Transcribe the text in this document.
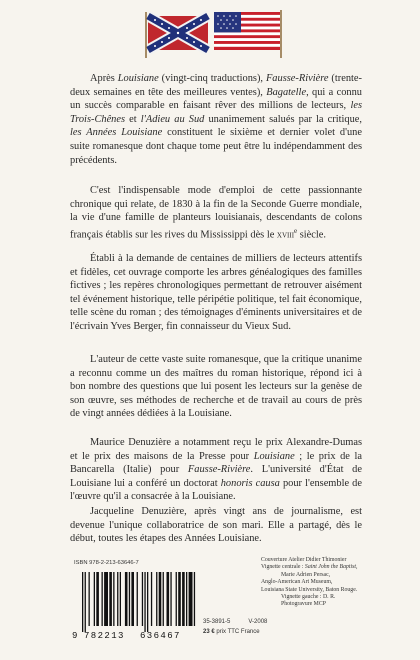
Après Louisiane (vingt-cinq traductions), Fausse-Rivière (trente-deux semaines en tête des meilleures ventes), Bagatelle, qui a connu un succès comparable en faisant rêver des millions de lecteurs, les Trois-Chênes et l'Adieu au Sud unanimement salués par la critique, les Années Louisiane constituent le sixième et dernier volet d'une suite romanesque dont chaque tome peut être lu indépendamment des précédents.

C'est l'indispensable mode d'emploi de cette passionnante chronique qui relate, de 1830 à la fin de la Seconde Guerre mondiale, la vie d'une famille de planteurs louisianais, descendants de colons français établis sur les rives du Mississippi dès le xviii$^e$ siècle.

Établi à la demande de centaines de milliers de lecteurs attentifs et fidèles, cet ouvrage comporte les arbres généalogiques des familles fictives ; les repères chronologiques permettant de retrouver aisément tel événement historique, telle péripétie politique, tel fait économique, telle scène du roman ; des témoignages d'éminents universitaires et de l'écrivain Yves Berger, fin connaisseur du Vieux Sud.

L'auteur de cette vaste suite romanesque, que la critique unanime a reconnu comme un des maîtres du roman historique, répond ici à bon nombre des questions que lui posent les lecteurs sur la genèse de son œuvre, ses méthodes de recherche et de travail au cours de près de vingt années dédiées à la Louisiane.

Maurice Denuzière a notamment reçu le prix Alexandre-Dumas et le prix des maisons de la Presse pour Louisiane ; le prix de la Bancarella (Italie) pour Fausse-Rivière. L'université d'État de Louisiane lui a conféré un doctorat honoris causa pour l'ensemble de l'œuvre qu'il a consacrée à la Louisiane.

Jacqueline Denuzière, après vingt ans de journalisme, est devenue l'unique collaboratrice de son mari. Elle a partagé, dès le début, toutes les étapes des Années Louisiane.

ISBN 978-2-213-63646-7
9 782213 636467
35-3891-5	V-2008
23 € prix TTC France
Couverture Atelier Didier Thimonier
Vignette centrale : Saint John the Baptist,
Marie Adrien Persac,
Anglo-American Art Museum,
Louisiana State University, Baton Rouge.
Vignette gauche : D. R.
Photogravure MCP
